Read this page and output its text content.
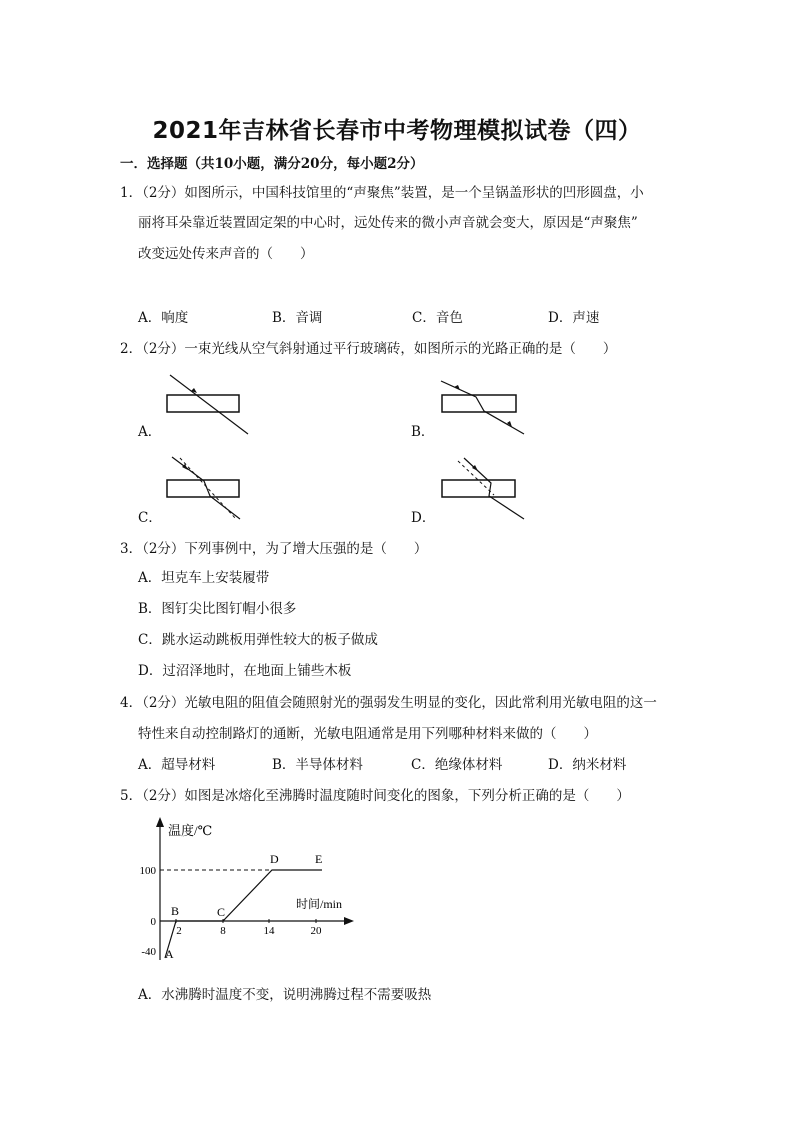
2021年吉林省长春市中考物理模拟试卷（四）
一．选择题（共10小题，满分20分，每小题2分）
1．（2分）如图所示，中国科技馆里的“声聚焦”装置，是一个呈锅盖形状的凹形圆盘，小
丽将耳朵靠近装置固定架的中心时，远处传来的微小声音就会变大，原因是“声聚焦”
改变远处传来声音的（　　）
A．响度	B．音调	C．音色	D．声速
2．（2分）一束光线从空气斜射通过平行玻璃砖，如图所示的光路正确的是（　　）
A．	B．
C．	D．
3．（2分）下列事例中，为了增大压强的是（　　）
A．坦克车上安装履带
B．图钉尖比图钉帽小很多
C．跳水运动跳板用弹性较大的板子做成
D．过沼泽地时，在地面上铺些木板
4．（2分）光敏电阻的阻值会随照射光的强弱发生明显的变化，因此常利用光敏电阻的这一
特性来自动控制路灯的通断，光敏电阻通常是用下列哪种材料来做的（　　）
A．超导材料	B．半导体材料	C．绝缘体材料	D．纳米材料
5．（2分）如图是冰熔化至沸腾时温度随时间变化的图象，下列分析正确的是（　　）
温度/℃
时间/min
100
0
-40
2	8	14	20
A
B	C
D	E
A．水沸腾时温度不变，说明沸腾过程不需要吸热
